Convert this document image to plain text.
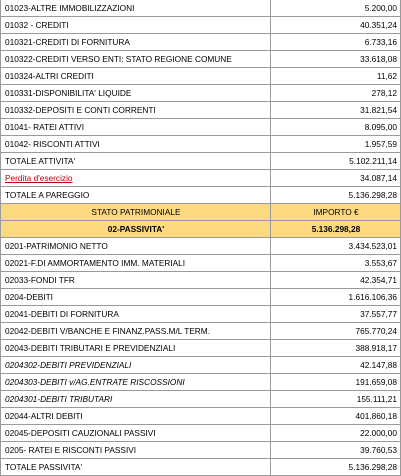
01023-ALTRE IMMOBILIZZAZIONI	5.200,00
01032 - CREDITI	40.351,24
010321-CREDITI DI FORNITURA	6.733,16
010322-CREDITI VERSO ENTI: STATO REGIONE COMUNE	33.618,08
010324-ALTRI CREDITI	11,62
010331-DISPONIBILITA' LIQUIDE	278,12
010332-DEPOSITI E CONTI CORRENTI	31.821,54
01041- RATEI ATTIVI	8.095,00
01042- RISCONTI ATTIVI	1.957,59
TOTALE ATTIVITA'	5.102.211,14
Perdita d'esercizio	34.087,14
TOTALE A PAREGGIO	5.136.298,28
STATO PATRIMONIALE	IMPORTO €
02-PASSIVITA'	5.136.298,28
0201-PATRIMONIO NETTO	3.434.523,01
02021-F.DI AMMORTAMENTO IMM. MATERIALI	3.553,67
02033-FONDI TFR	42.354,71
0204-DEBITI	1.616.106,36
02041-DEBITI DI FORNITURA	37.557,77
02042-DEBITI V/BANCHE E FINANZ.PASS.M/L TERM.	765.770,24
02043-DEBITI TRIBUTARI E PREVIDENZIALI	388.918,17
0204302-DEBITI PREVIDENZIALI	42.147,88
0204303-DEBITI v/AG.ENTRATE RISCOSSIONI	191.659,08
0204301-DEBITI TRIBUTARI	155.111,21
02044-ALTRI DEBITI	401.860,18
02045-DEPOSITI CAUZIONALI PASSIVI	22.000,00
0205- RATEI E RISCONTI PASSIVI	39.760,53
TOTALE PASSIVITA'	5.136.298,28
